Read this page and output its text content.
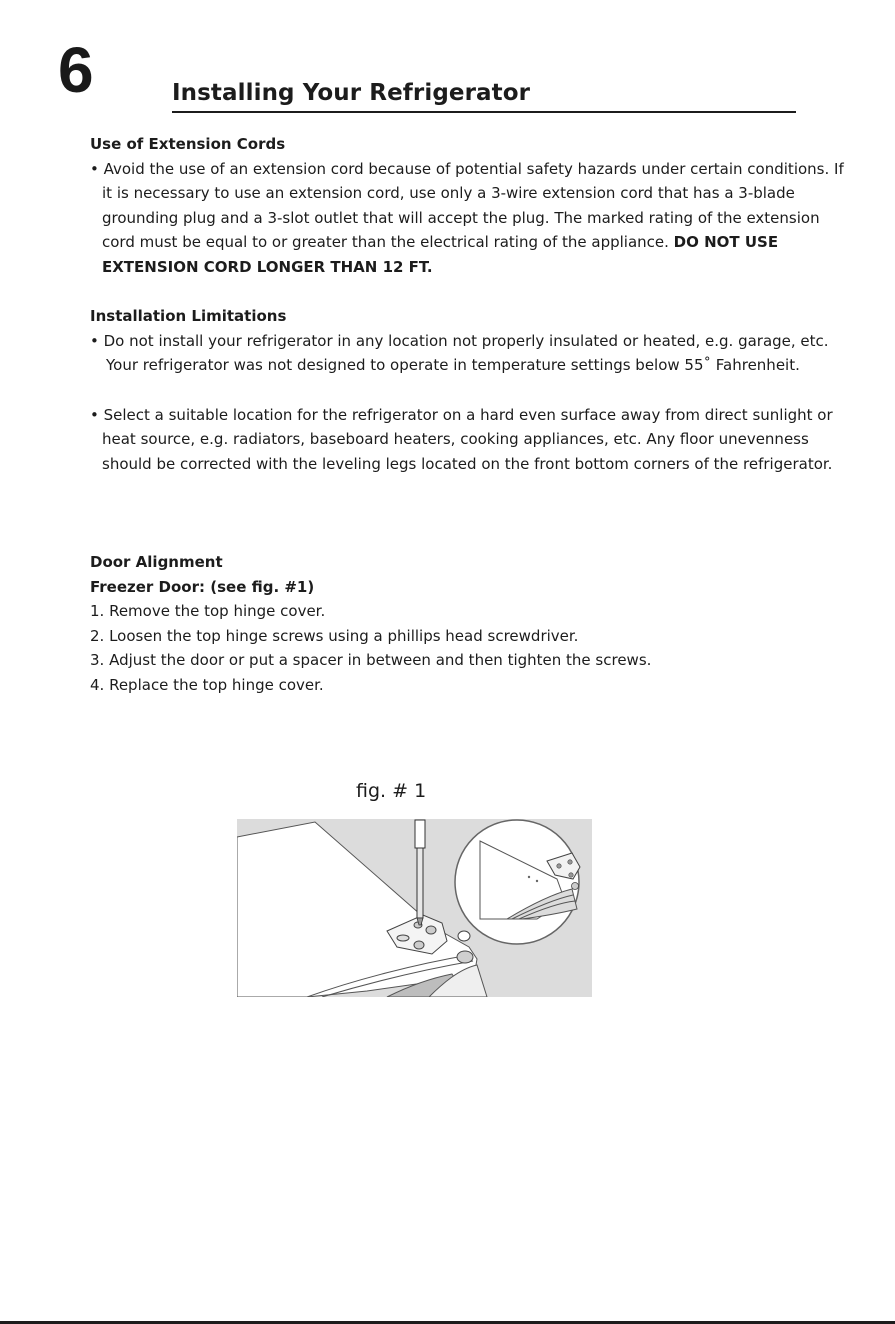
6	Installing Your Refrigerator

Use of Extension Cords

• Avoid the use of an extension cord because of potential safety hazards under certain conditions. If it is necessary to use an extension cord, use only a 3-wire extension cord that has a 3-blade grounding plug and a 3-slot outlet that will accept the plug. The marked rating of the extension cord must be equal to or greater than the electrical rating of the appliance. DO NOT USE EXTENSION CORD LONGER THAN 12 FT.

Installation Limitations

• Do not install your refrigerator in any location not properly insulated or heated, e.g. garage, etc. Your refrigerator was not designed to operate in temperature settings below 55˚ Fahrenheit.

• Select a suitable location for the refrigerator on a hard even surface away from direct sunlight or heat source, e.g. radiators, baseboard heaters, cooking appliances, etc. Any floor unevenness should be corrected with the leveling legs located on the front bottom corners of the refrigerator.

Door Alignment

Freezer Door: (see fig. #1)

1. Remove the top hinge cover.

2. Loosen the top hinge screws using a phillips head screwdriver.

3. Adjust the door or put a spacer in between and then tighten the screws.

4. Replace the top hinge cover.

fig. # 1
